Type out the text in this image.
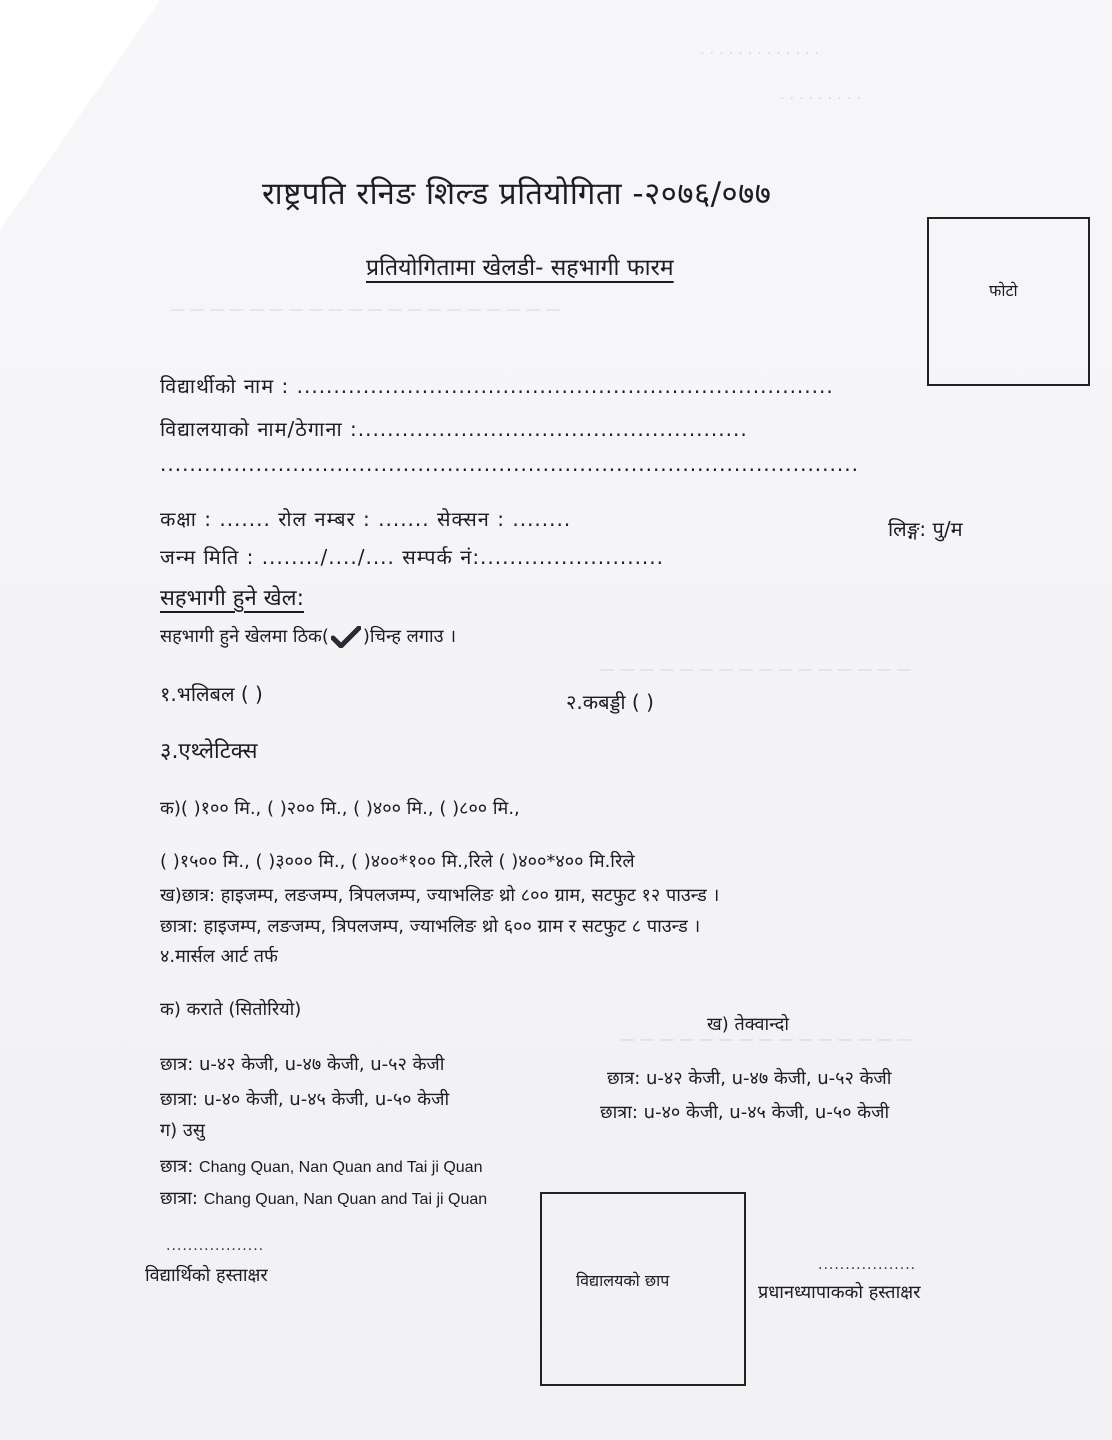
. . . . . . . . . . . . .
. . . . . . . . .
— — — — — — — — — — — — — — — — — — — —
— — — — — — — — — — — — — — — —
— — — — — — — — — — — — — — —
राष्ट्रपति रनिङ शिल्ड प्रतियोगिता -२०७६/०७७
प्रतियोगितामा खेलडी- सहभागी फारम
फोटो
विद्यार्थीको नाम : .........................................................................
विद्यालयाको नाम/ठेगाना :.....................................................
...............................................................................................
कक्षा : ....... रोल नम्बर : ....... सेक्सन : ........	लिङ्ग: पु/म
जन्म मिति : ......../..../.... सम्पर्क नं:.........................
सहभागी हुने खेल:
सहभागी हुने खेलमा ठिक( )चिन्ह लगाउ ।
१.भलिबल ( )	२.कबड्डी ( )
३.एथ्लेटिक्स
क)( )१०० मि., ( )२०० मि., ( )४०० मि., ( )८०० मि.,
( )१५०० मि., ( )३००० मि., ( )४००*१०० मि.,रिले ( )४००*४०० मि.रिले
ख)छात्र: हाइजम्प, लङजम्प, त्रिपलजम्प, ज्याभलिङ थ्रो ८०० ग्राम, सटफुट १२ पाउन्ड ।
छात्रा: हाइजम्प, लङजम्प, त्रिपलजम्प, ज्याभलिङ थ्रो ६०० ग्राम र सटफुट ८ पाउन्ड ।
४.मार्सल आर्ट तर्फ
क) कराते (सितोरियो)
ख) तेक्वान्दो
छात्र: u-४२ केजी, u-४७ केजी, u-५२ केजी
छात्रा: u-४० केजी, u-४५ केजी, u-५० केजी
छात्र: u-४२ केजी, u-४७ केजी, u-५२ केजी
छात्रा: u-४० केजी, u-४५ केजी, u-५० केजी
ग) उसु
छात्र: Chang Quan, Nan Quan and Tai ji Quan
छात्रा: Chang Quan, Nan Quan and Tai ji Quan
..................
विद्यार्थिको हस्ताक्षर	विद्यालयको छाप
..................
प्रधानध्यापाकको हस्ताक्षर
